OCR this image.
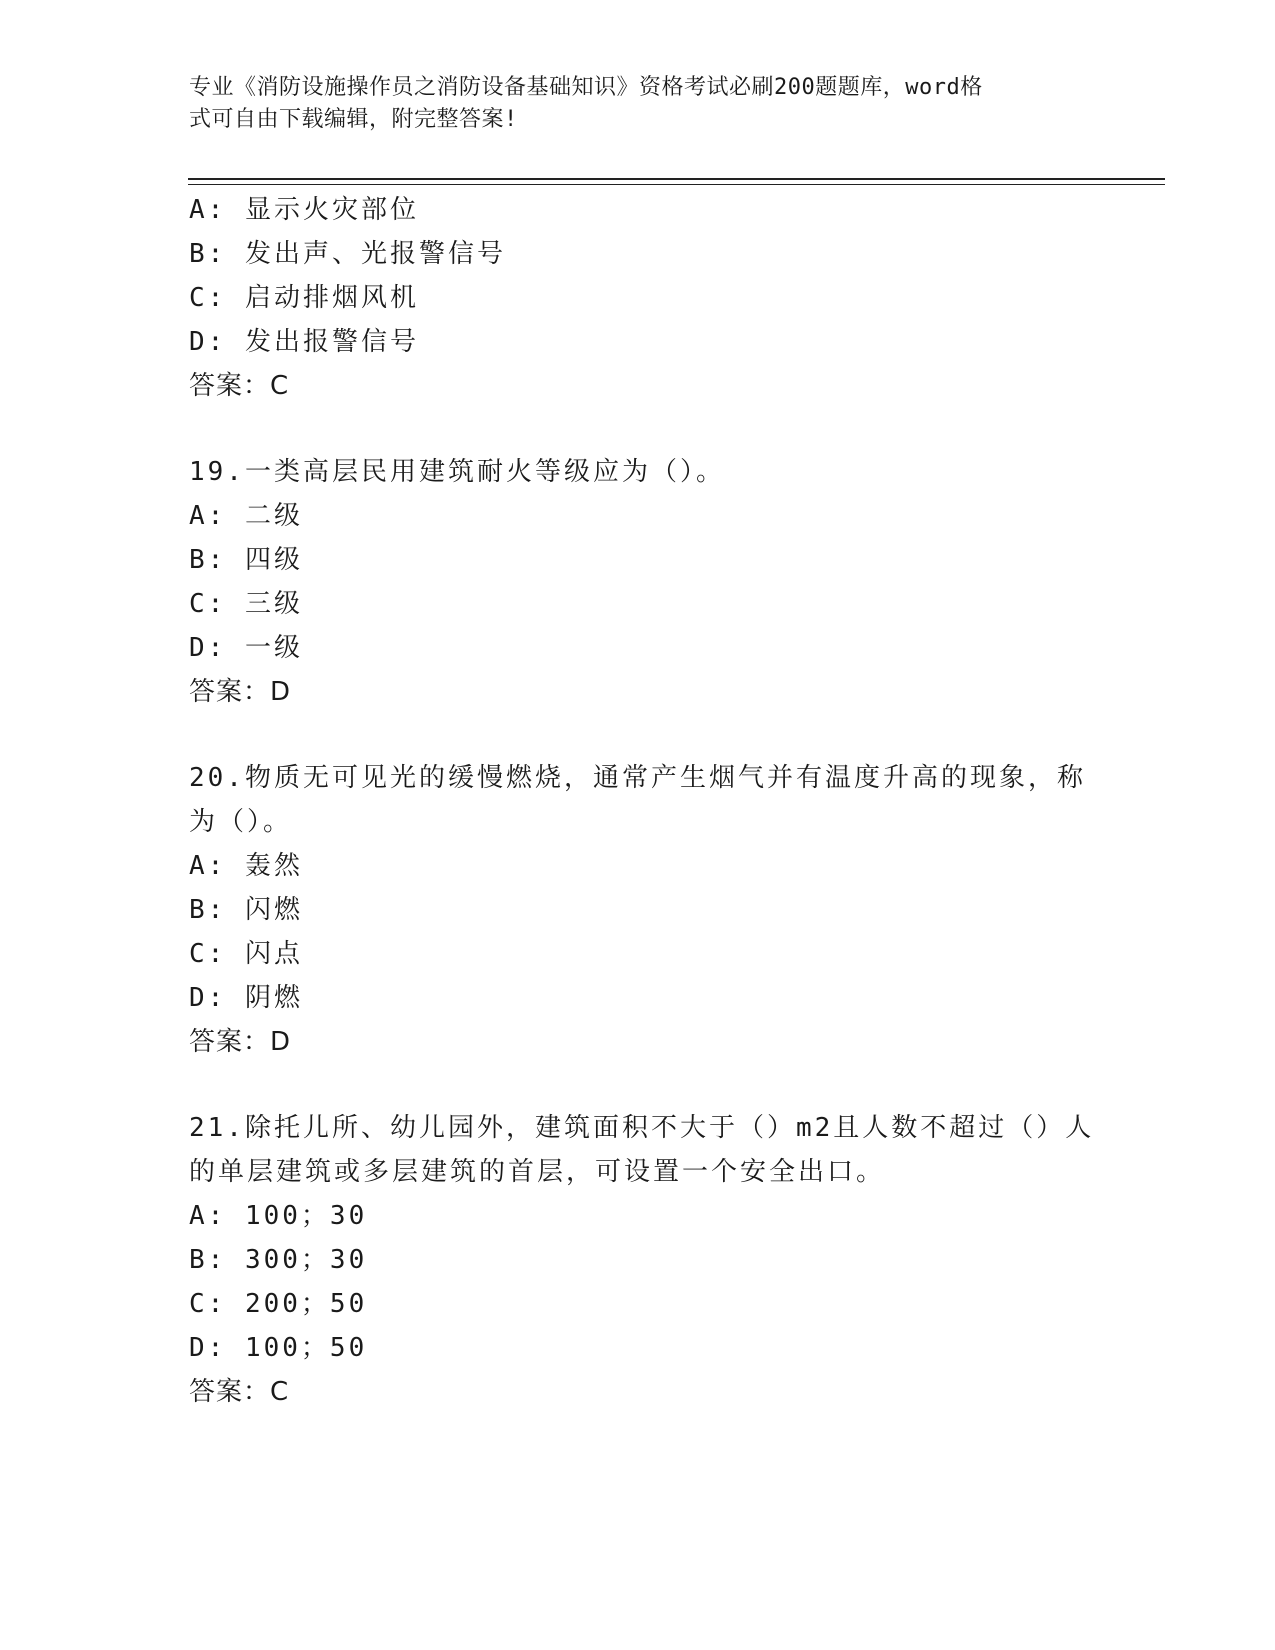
专业《消防设施操作员之消防设备基础知识》资格考试必刷200题题库，word格
式可自由下载编辑，附完整答案!
A: 显示火灾部位
B: 发出声、光报警信号
C: 启动排烟风机
D: 发出报警信号
答案：C
19.一类高层民用建筑耐火等级应为（）。
A: 二级
B: 四级
C: 三级
D: 一级
答案：D
20.物质无可见光的缓慢燃烧，通常产生烟气并有温度升高的现象，称
为（）。
A: 轰然
B: 闪燃
C: 闪点
D: 阴燃
答案：D
21.除托儿所、幼儿园外，建筑面积不大于（）m2且人数不超过（）人
的单层建筑或多层建筑的首层，可设置一个安全出口。
A: 100；30
B: 300；30
C: 200；50
D: 100；50
答案：C
